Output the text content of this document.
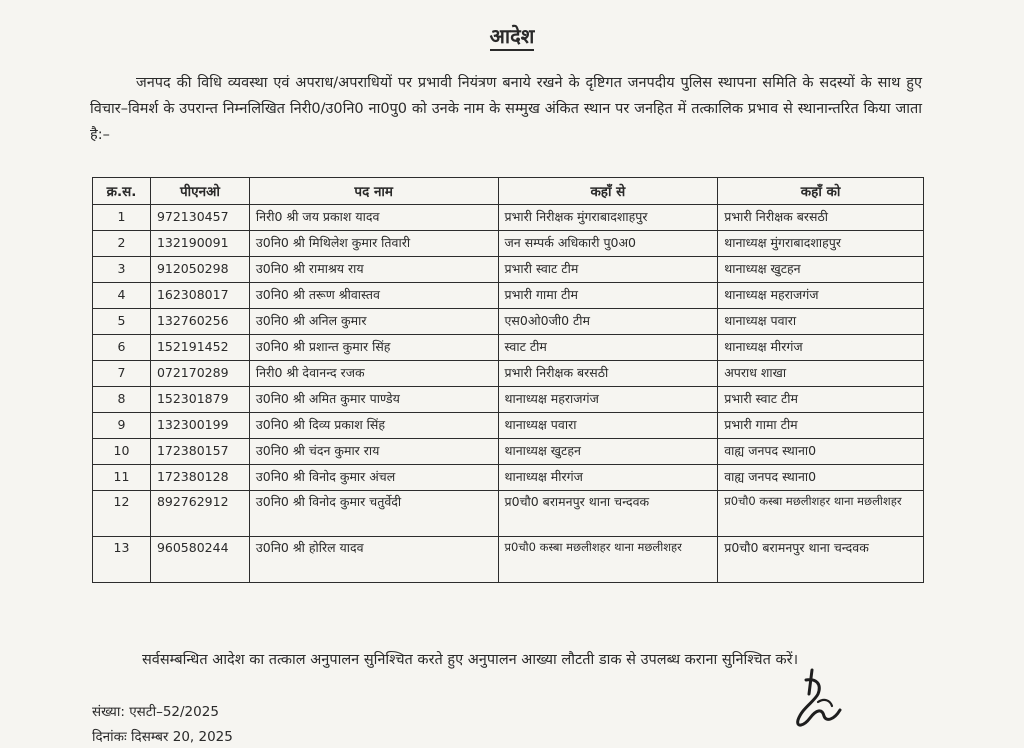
आदेश
जनपद की विधि व्यवस्था एवं अपराध/अपराधियों पर प्रभावी नियंत्रण बनाये रखने के दृष्टिगत जनपदीय पुलिस स्थापना समिति के सदस्यों के साथ हुए विचार–विमर्श के उपरान्त निम्नलिखित निरी0/उ0नि0 ना0पु0 को उनके नाम के सम्मुख अंकित स्थान पर जनहित में तत्कालिक प्रभाव से स्थानान्तरित किया जाता है:–
क्र.स.	पीएनओ	पद नाम	कहाँ से	कहाँ को
1	972130457	निरी0 श्री जय प्रकाश यादव	प्रभारी निरीक्षक मुंगराबादशाहपुर	प्रभारी निरीक्षक बरसठी
2	132190091	उ0नि0 श्री मिथिलेश कुमार तिवारी	जन सम्पर्क अधिकारी पु0अ0	थानाध्यक्ष मुंगराबादशाहपुर
3	912050298	उ0नि0 श्री रामाश्रय राय	प्रभारी स्वाट टीम	थानाध्यक्ष खुटहन
4	162308017	उ0नि0 श्री तरूण श्रीवास्तव	प्रभारी गामा टीम	थानाध्यक्ष महराजगंज
5	132760256	उ0नि0 श्री अनिल कुमार	एस0ओ0जी0 टीम	थानाध्यक्ष पवारा
6	152191452	उ0नि0 श्री प्रशान्त कुमार सिंह	स्वाट टीम	थानाध्यक्ष मीरगंज
7	072170289	निरी0 श्री देवानन्द रजक	प्रभारी निरीक्षक बरसठी	अपराध शाखा
8	152301879	उ0नि0 श्री अमित कुमार पाण्डेय	थानाध्यक्ष महराजगंज	प्रभारी स्वाट टीम
9	132300199	उ0नि0 श्री दिव्य प्रकाश सिंह	थानाध्यक्ष पवारा	प्रभारी गामा टीम
10	172380157	उ0नि0 श्री चंदन कुमार राय	थानाध्यक्ष खुटहन	वाह्य जनपद स्थाना0
11	172380128	उ0नि0 श्री विनोद कुमार अंचल	थानाध्यक्ष मीरगंज	वाह्य जनपद स्थाना0
12	892762912	उ0नि0 श्री विनोद कुमार चतुर्वेदी	प्र0चौ0 बरामनपुर थाना चन्दवक	प्र0चौ0 कस्बा मछलीशहर थाना मछलीशहर
13	960580244	उ0नि0 श्री होरिल यादव	प्र0चौ0 कस्बा मछलीशहर थाना मछलीशहर	प्र0चौ0 बरामनपुर थाना चन्दवक
सर्वसम्बन्धित आदेश का तत्काल अनुपालन सुनिश्चित करते हुए अनुपालन आख्या लौटती डाक से उपलब्ध कराना सुनिश्चित करें।
संख्या: एसटी–52/2025
दिनांकः दिसम्बर 20, 2025
